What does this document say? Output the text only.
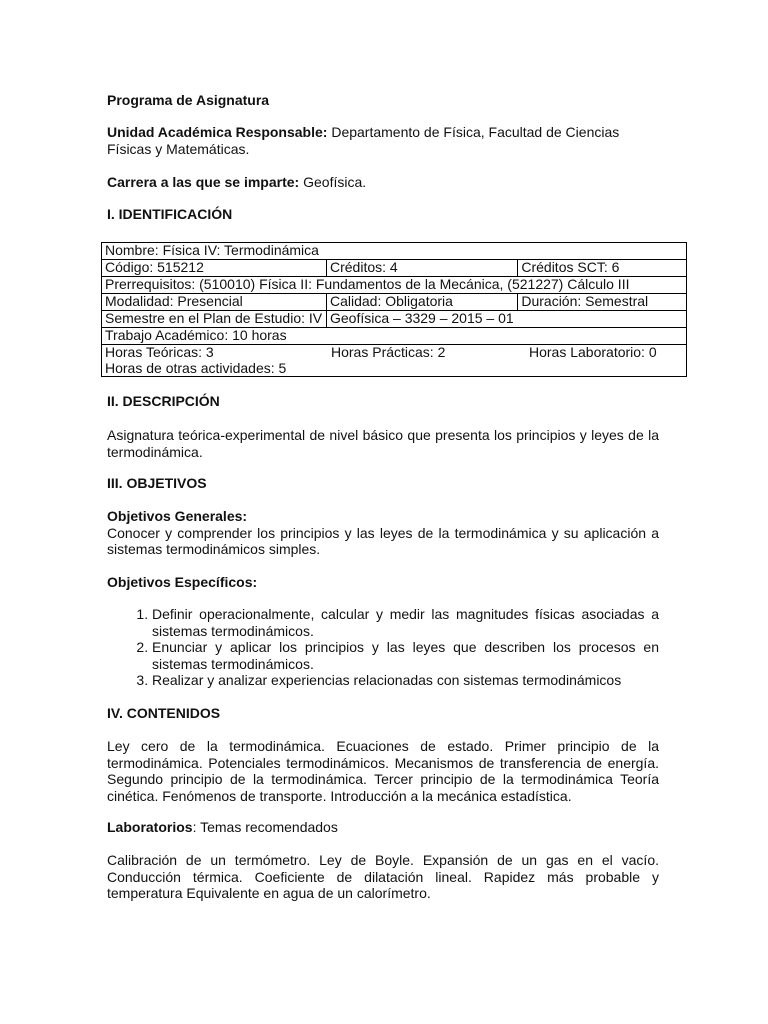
Programa de Asignatura
Unidad Académica Responsable: Departamento de Física, Facultad de Ciencias Físicas y Matemáticas.
Carrera a las que se imparte: Geofísica.
I. IDENTIFICACIÓN
Nombre: Física IV: Termodinámica		
Código: 515212	Créditos: 4	Créditos SCT: 6
Prerrequisitos: (510010) Física II: Fundamentos de la Mecánica, (521227) Cálculo III		
Modalidad: Presencial	Calidad: Obligatoria	Duración: Semestral
Semestre en el Plan de Estudio: IV	Geofísica – 3329 – 2015 – 01	
Trabajo Académico: 10 horas		

Horas Teóricas: 3 Horas Prácticas: 2 Horas Laboratorio: 0
Horas de otras actividades: 5		
II. DESCRIPCIÓN
Asignatura teórica-experimental de nivel básico que presenta los principios y leyes de la termodinámica.
III. OBJETIVOS
Objetivos Generales:
Conocer y comprender los principios y las leyes de la termodinámica y su aplicación a sistemas termodinámicos simples.
Objetivos Específicos:
1. Definir operacionalmente, calcular y medir las magnitudes físicas asociadas a sistemas termodinámicos.
2. Enunciar y aplicar los principios y las leyes que describen los procesos en sistemas termodinámicos.
3. Realizar y analizar experiencias relacionadas con sistemas termodinámicos
IV. CONTENIDOS
Ley cero de la termodinámica. Ecuaciones de estado. Primer principio de la termodinámica. Potenciales termodinámicos. Mecanismos de transferencia de energía. Segundo principio de la termodinámica. Tercer principio de la termodinámica Teoría cinética. Fenómenos de transporte. Introducción a la mecánica estadística.
Laboratorios: Temas recomendados
Calibración de un termómetro. Ley de Boyle. Expansión de un gas en el vacío. Conducción térmica. Coeficiente de dilatación lineal. Rapidez más probable y temperatura Equivalente en agua de un calorímetro.
